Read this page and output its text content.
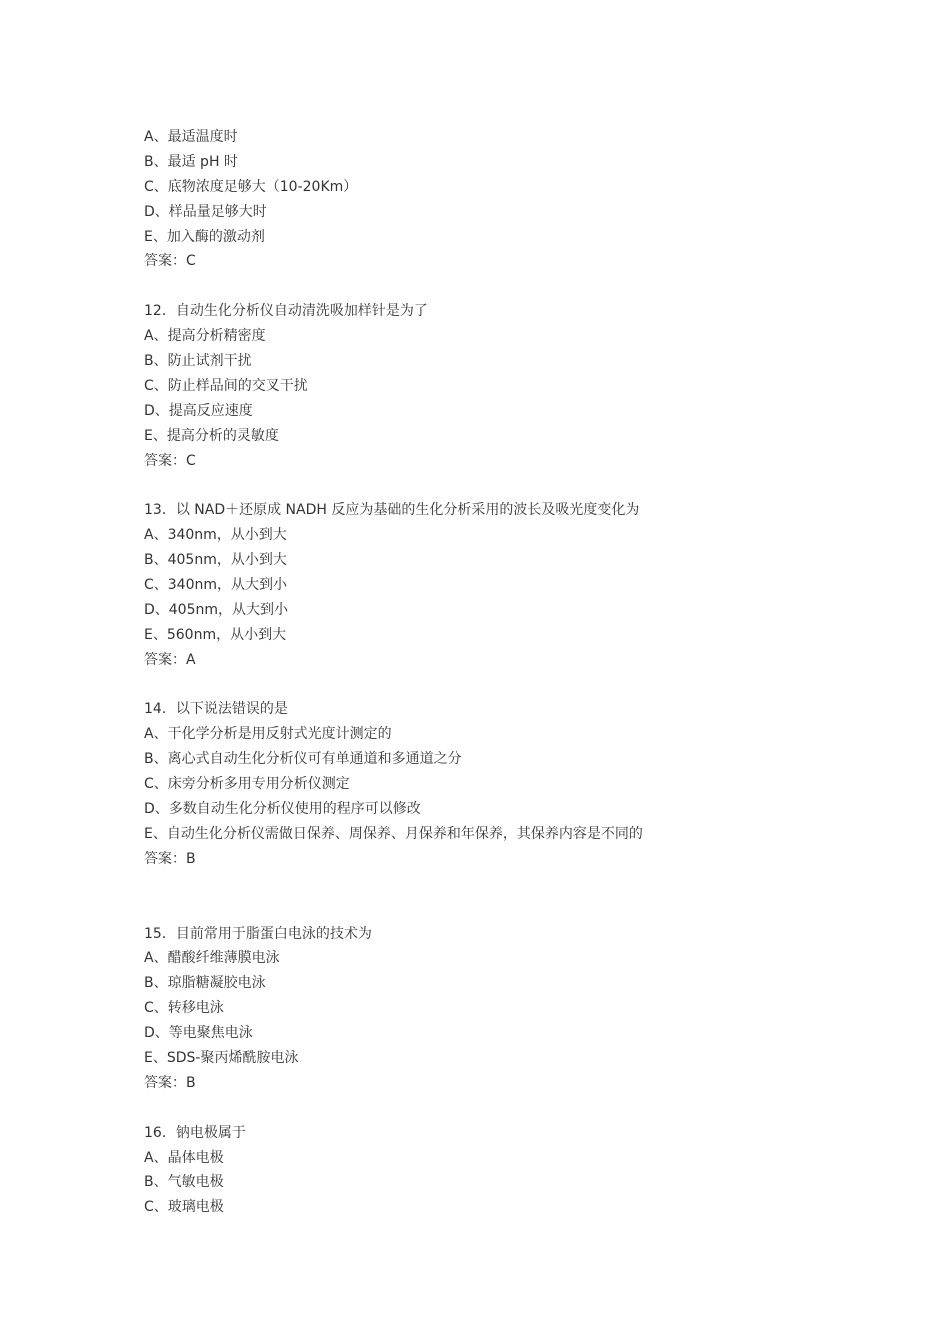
A、最适温度时
B、最适 pH 时
C、底物浓度足够大（10-20Km）
D、样品量足够大时
E、加入酶的激动剂
答案：C
12．自动生化分析仪自动清洗吸加样针是为了
A、提高分析精密度
B、防止试剂干扰
C、防止样品间的交叉干扰
D、提高反应速度
E、提高分析的灵敏度
答案：C
13．以 NAD＋还原成 NADH 反应为基础的生化分析采用的波长及吸光度变化为
A、340nm，从小到大
B、405nm，从小到大
C、340nm，从大到小
D、405nm，从大到小
E、560nm，从小到大
答案：A
14．以下说法错误的是
A、干化学分析是用反射式光度计测定的
B、离心式自动生化分析仪可有单通道和多通道之分
C、床旁分析多用专用分析仪测定
D、多数自动生化分析仪使用的程序可以修改
E、自动生化分析仪需做日保养、周保养、月保养和年保养，其保养内容是不同的
答案：B
15．目前常用于脂蛋白电泳的技术为
A、醋酸纤维薄膜电泳
B、琼脂糖凝胶电泳
C、转移电泳
D、等电聚焦电泳
E、SDS-聚丙烯酰胺电泳
答案：B
16．钠电极属于
A、晶体电极
B、气敏电极
C、玻璃电极
